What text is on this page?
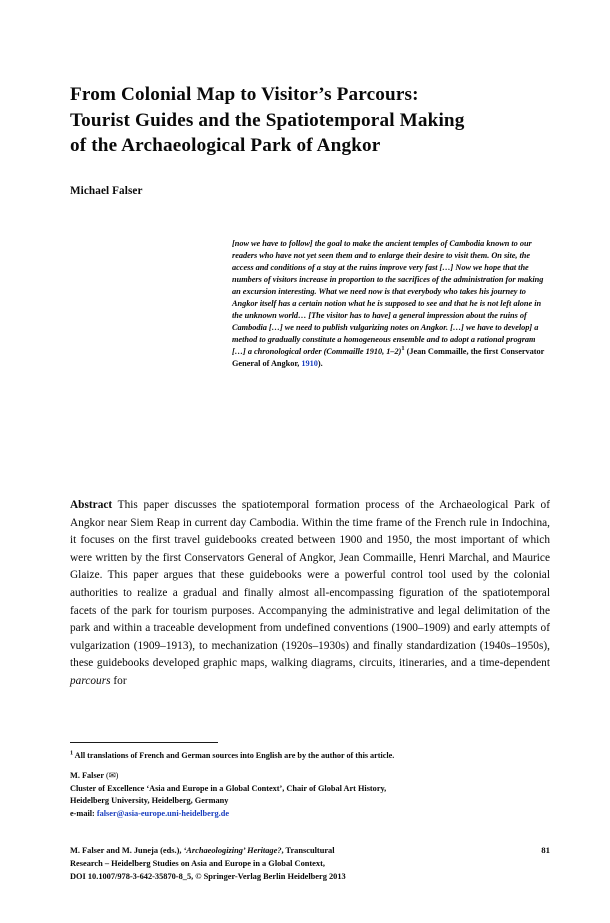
From Colonial Map to Visitor’s Parcours:
Tourist Guides and the Spatiotemporal Making
of the Archaeological Park of Angkor
Michael Falser
[now we have to follow] the goal to make the ancient temples of Cambodia known to our readers who have not yet seen them and to enlarge their desire to visit them. On site, the access and conditions of a stay at the ruins improve very fast […] Now we hope that the numbers of visitors increase in proportion to the sacrifices of the administration for making an excursion interesting. What we need now is that everybody who takes his journey to Angkor itself has a certain notion what he is supposed to see and that he is not left alone in the unknown world… [The visitor has to have] a general impression about the ruins of Cambodia […] we need to publish vulgarizing notes on Angkor. […] we have to develop] a method to gradually constitute a homogeneous ensemble and to adopt a rational program […] a chronological order (Commaille 1910, 1–2)$^1$ (Jean Commaille, the first Conservator General of Angkor, 1910).
Abstract This paper discusses the spatiotemporal formation process of the Archaeological Park of Angkor near Siem Reap in current day Cambodia. Within the time frame of the French rule in Indochina, it focuses on the first travel guidebooks created between 1900 and 1950, the most important of which were written by the first Conservators General of Angkor, Jean Commaille, Henri Marchal, and Maurice Glaize. This paper argues that these guidebooks were a powerful control tool used by the colonial authorities to realize a gradual and finally almost all-encompassing figuration of the spatiotemporal facets of the park for tourism purposes. Accompanying the administrative and legal delimitation of the park and within a traceable development from undefined conventions (1900–1909) and early attempts of vulgarization (1909–1913), to mechanization (1920s–1930s) and finally standardization (1940s–1950s), these guidebooks developed graphic maps, walking diagrams, circuits, itineraries, and a time-dependent parcours for
$^1$ All translations of French and German sources into English are by the author of this article.
M. Falser (✉)
Cluster of Excellence ‘Asia and Europe in a Global Context’, Chair of Global Art History,
Heidelberg University, Heidelberg, Germany
e-mail: falser@asia-europe.uni-heidelberg.de
M. Falser and M. Juneja (eds.), ‘Archaeologizing’ Heritage?, Transcultural
Research – Heidelberg Studies on Asia and Europe in a Global Context,
DOI 10.1007/978-3-642-35870-8_5, © Springer-Verlag Berlin Heidelberg 2013
81
